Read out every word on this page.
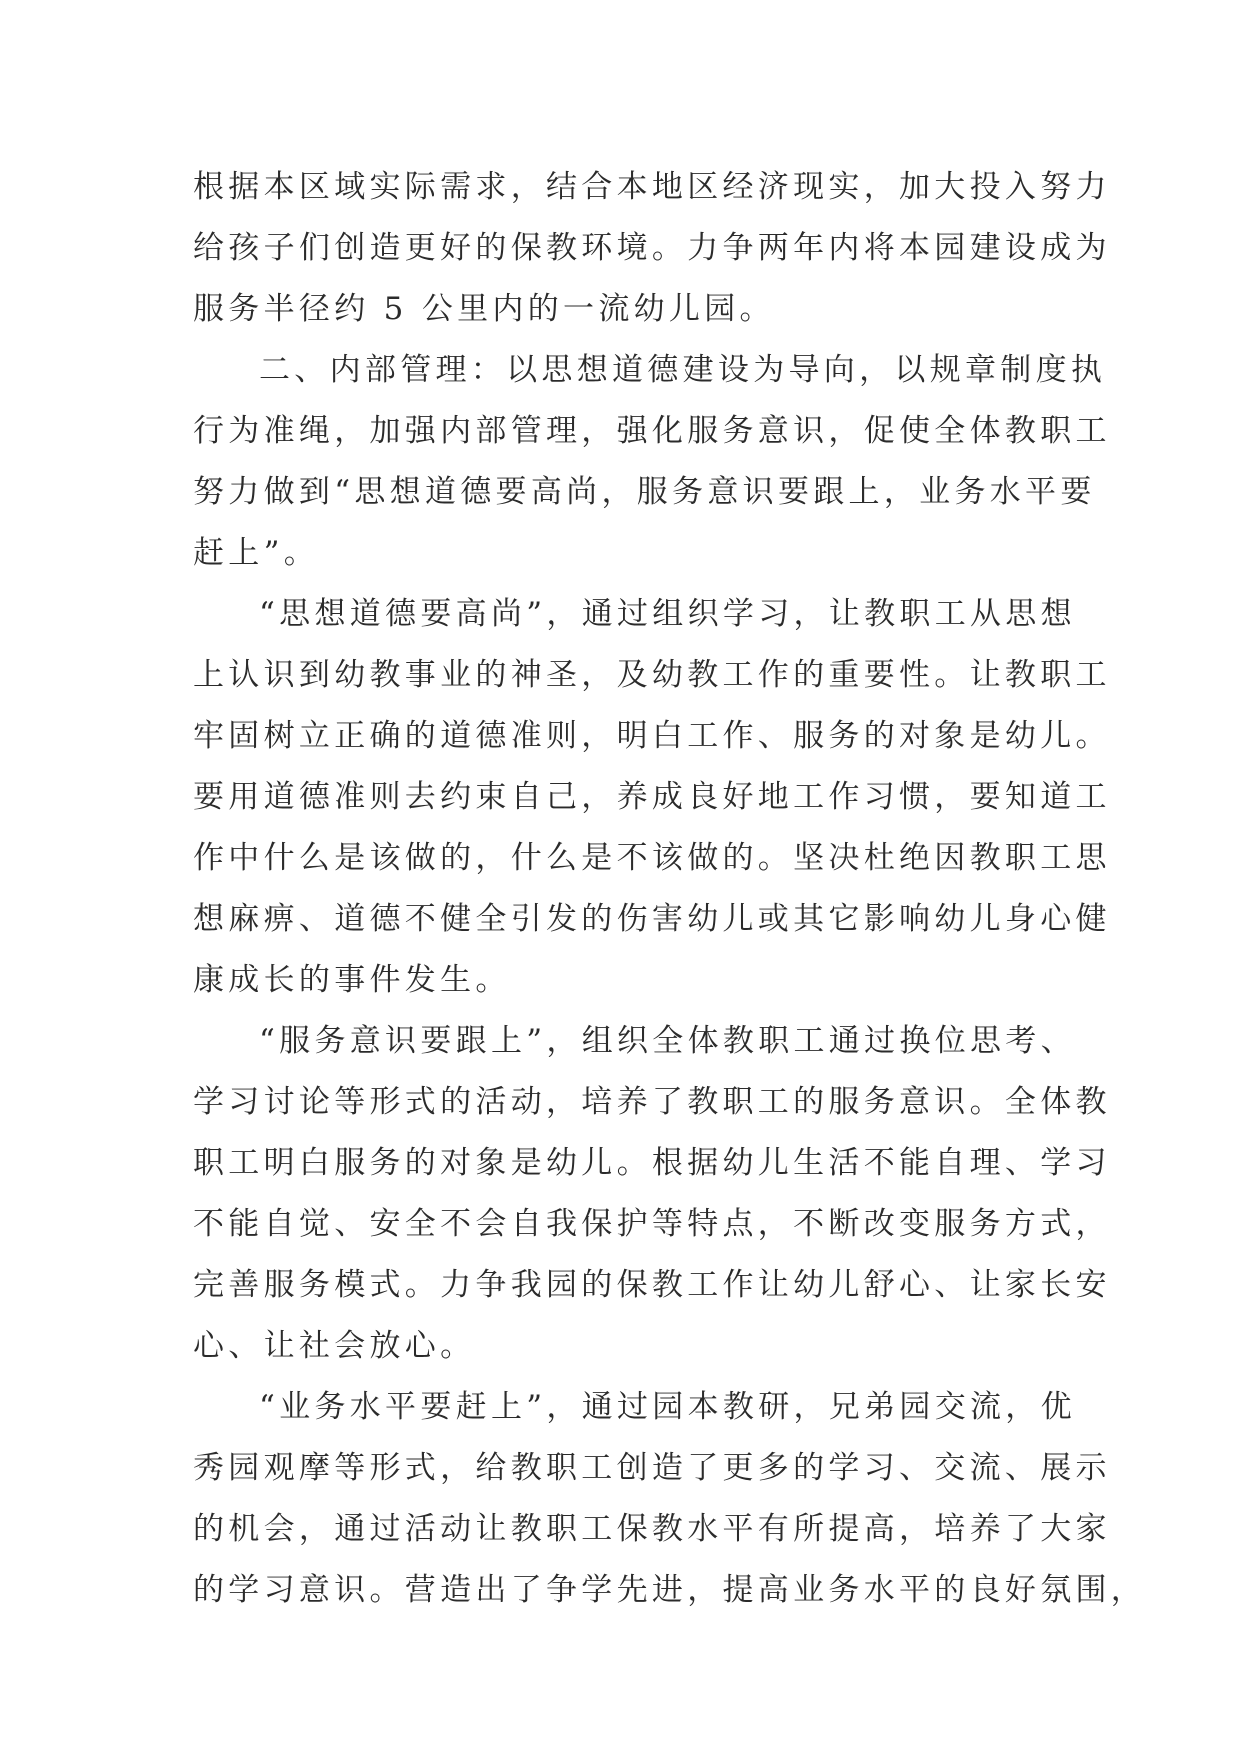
根据本区域实际需求，结合本地区经济现实，加大投入努力
给孩子们创造更好的保教环境。力争两年内将本园建设成为
服务半径约 5 公里内的一流幼儿园。
二、内部管理：以思想道德建设为导向，以规章制度执
行为准绳，加强内部管理，强化服务意识，促使全体教职工
努力做到“思想道德要高尚，服务意识要跟上，业务水平要
赶上”。
“思想道德要高尚”，通过组织学习，让教职工从思想
上认识到幼教事业的神圣，及幼教工作的重要性。让教职工
牢固树立正确的道德准则，明白工作、服务的对象是幼儿。
要用道德准则去约束自己，养成良好地工作习惯，要知道工
作中什么是该做的，什么是不该做的。坚决杜绝因教职工思
想麻痹、道德不健全引发的伤害幼儿或其它影响幼儿身心健
康成长的事件发生。
“服务意识要跟上”，组织全体教职工通过换位思考、
学习讨论等形式的活动，培养了教职工的服务意识。全体教
职工明白服务的对象是幼儿。根据幼儿生活不能自理、学习
不能自觉、安全不会自我保护等特点，不断改变服务方式，
完善服务模式。力争我园的保教工作让幼儿舒心、让家长安
心、让社会放心。
“业务水平要赶上”，通过园本教研，兄弟园交流，优
秀园观摩等形式，给教职工创造了更多的学习、交流、展示
的机会，通过活动让教职工保教水平有所提高，培养了大家
的学习意识。营造出了争学先进，提高业务水平的良好氛围，
